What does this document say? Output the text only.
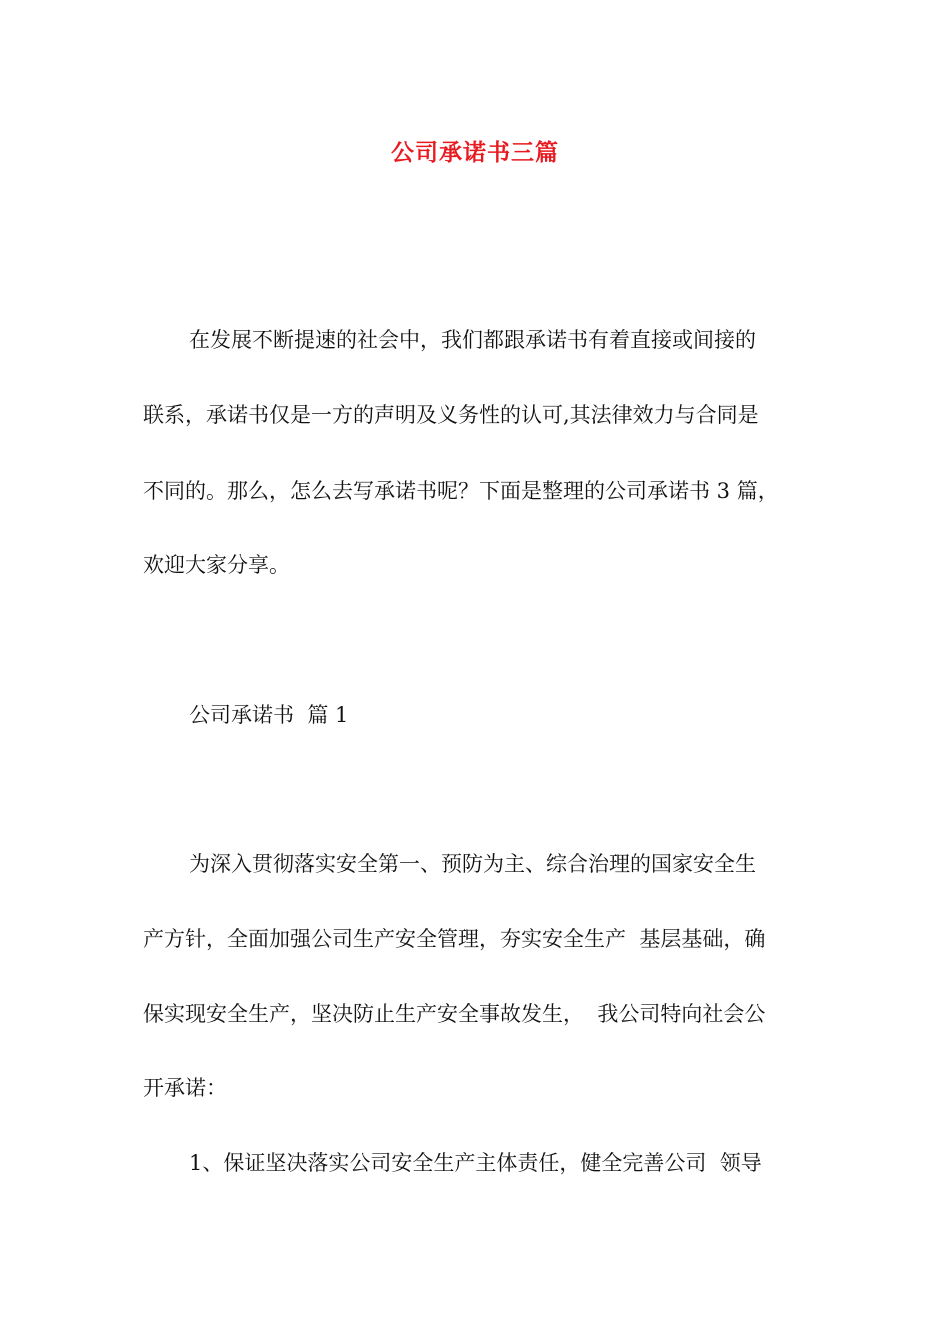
公司承诺书三篇
在发展不断提速的社会中，我们都跟承诺书有着直接或间接的
联系，承诺书仅是一方的声明及义务性的认可,其法律效力与合同是
不同的。那么，怎么去写承诺书呢？下面是整理的公司承诺书 3 篇，
欢迎大家分享。
公司承诺书  篇 1
为深入贯彻落实安全第一、预防为主、综合治理的国家安全生
产方针，全面加强公司生产安全管理，夯实安全生产  基层基础，确
保实现安全生产，坚决防止生产安全事故发生，  我公司特向社会公
开承诺：
1、保证坚决落实公司安全生产主体责任，健全完善公司  领导
